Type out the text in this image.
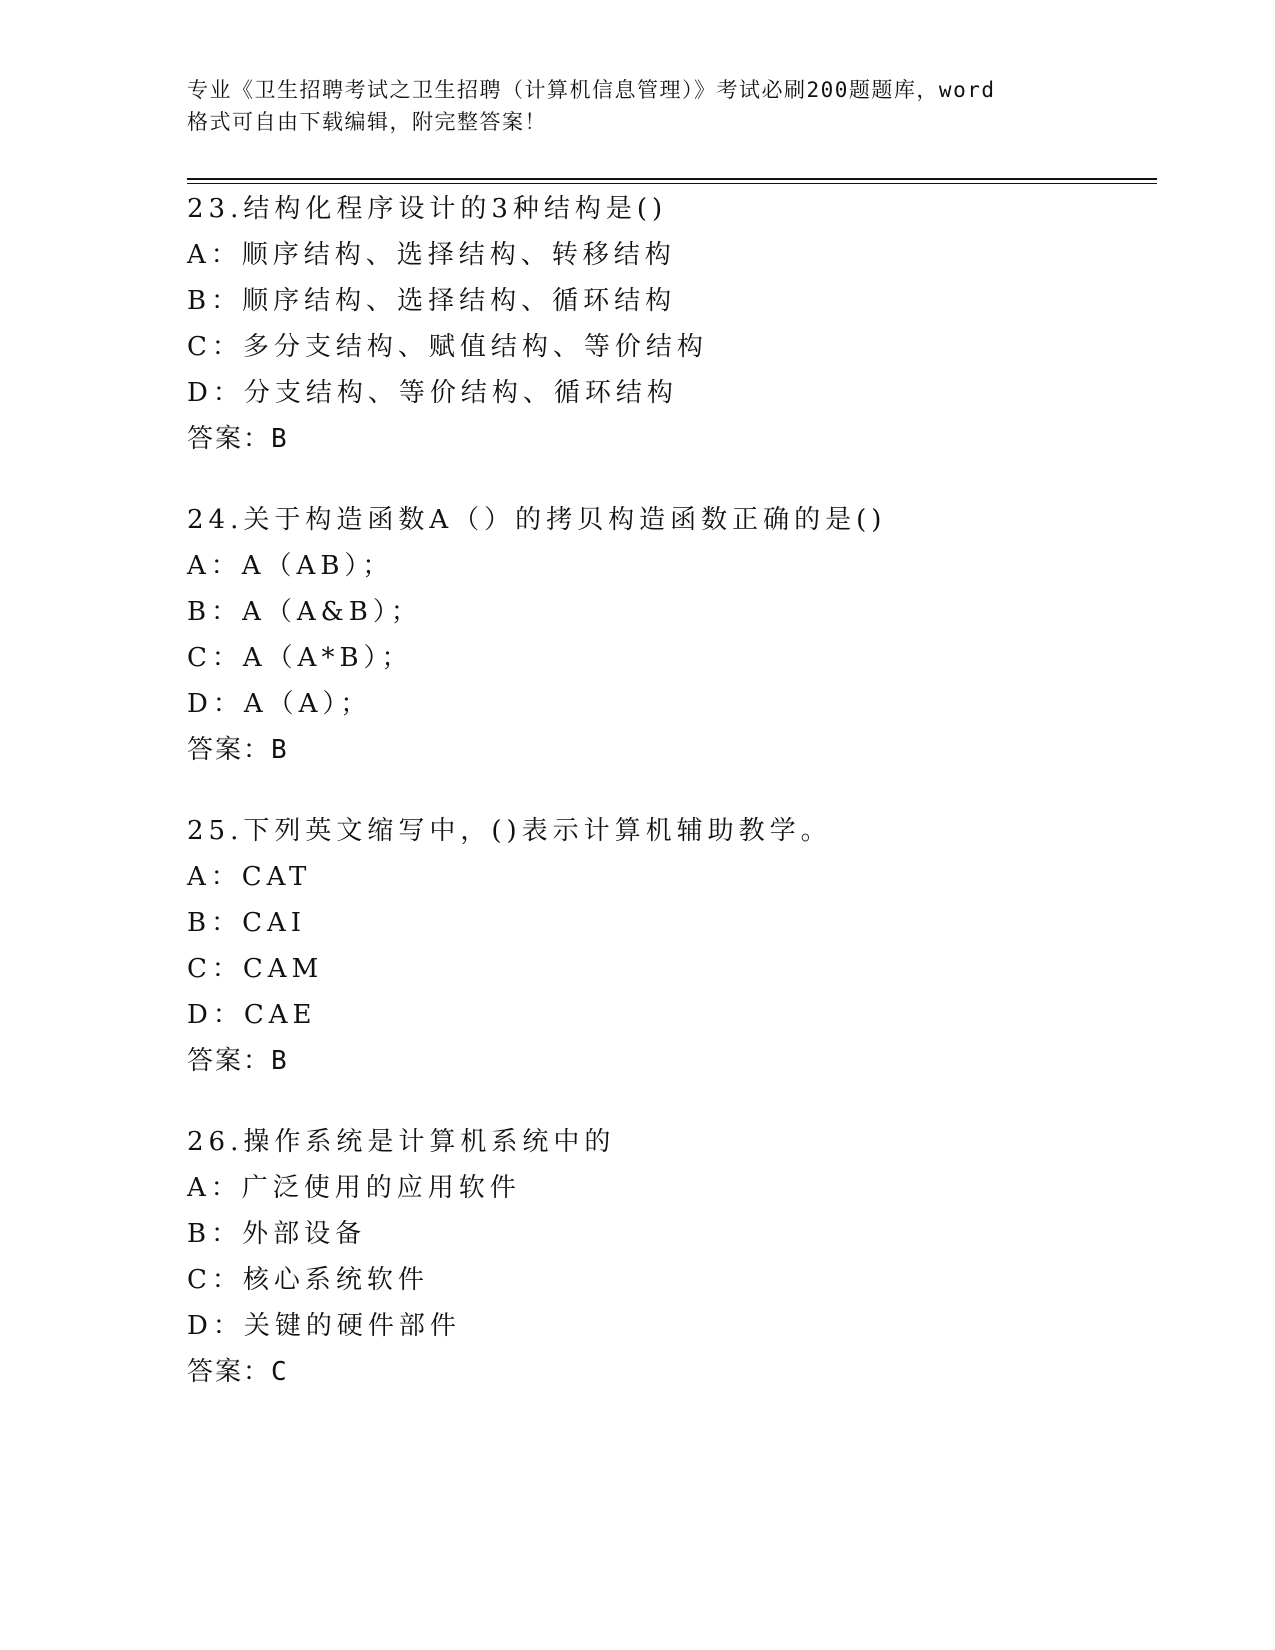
专业《卫生招聘考试之卫生招聘（计算机信息管理）》考试必刷200题题库，word

格式可自由下载编辑，附完整答案！

23.结构化程序设计的3种结构是()
A：顺序结构、选择结构、转移结构
B：顺序结构、选择结构、循环结构
C：多分支结构、赋值结构、等价结构
D：分支结构、等价结构、循环结构
答案：B
24.关于构造函数A（）的拷贝构造函数正确的是()
A：A（AB）；
B：A（A&B）；
C：A（A*B）；
D：A（A）；
答案：B
25.下列英文缩写中，()表示计算机辅助教学。
A：CAT
B：CAI
C：CAM
D：CAE
答案：B
26.操作系统是计算机系统中的
A：广泛使用的应用软件
B：外部设备
C：核心系统软件
D：关键的硬件部件
答案：C
